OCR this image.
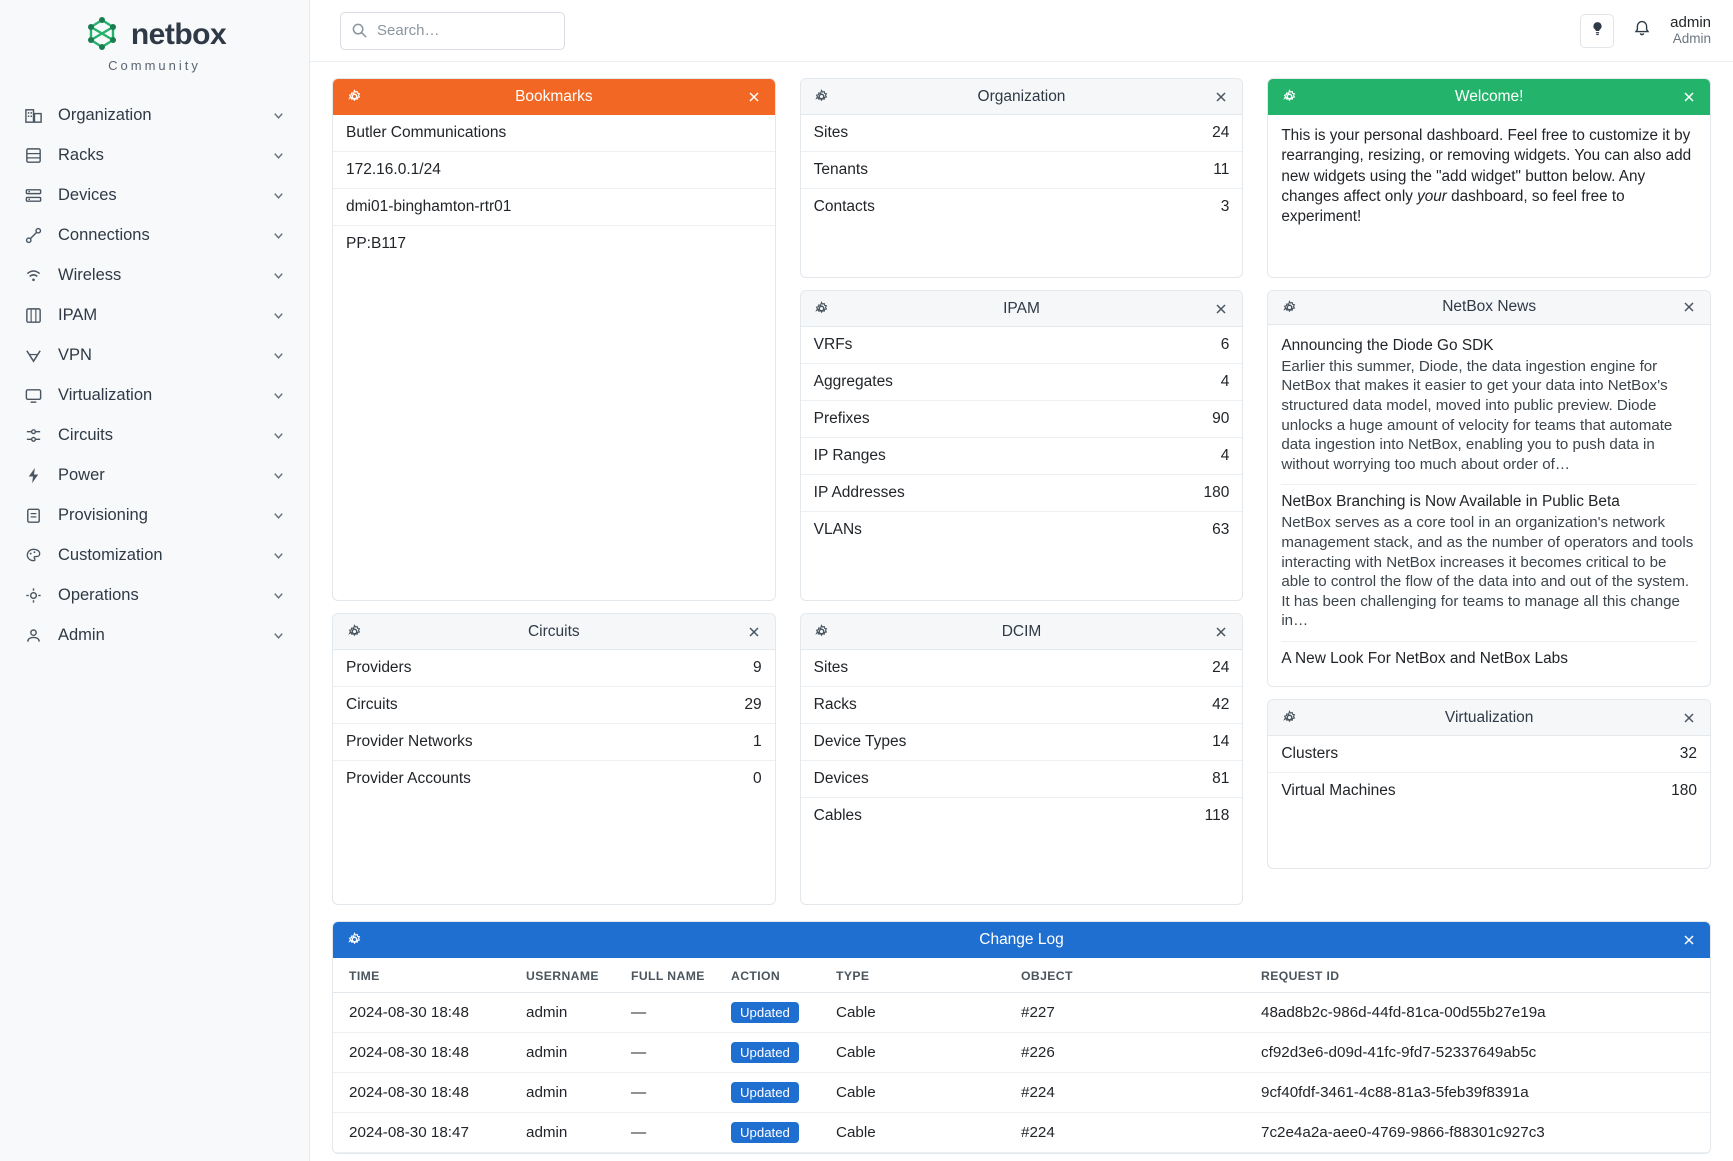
netbox
Community
Organization
Racks
Devices
Connections
Wireless
IPAM
VPN
Virtualization
Circuits
Power
Provisioning
Customization
Operations
Admin
Search…
admin
Admin
Bookmarks
Butler Communications
172.16.0.1/24
dmi01-binghamton-rtr01
PP:B117
Circuits
Providers	9
Circuits	29
Provider Networks	1
Provider Accounts	0
Organization
Sites	24
Tenants	11
Contacts	3
IPAM
VRFs	6
Aggregates	4
Prefixes	90
IP Ranges	4
IP Addresses	180
VLANs	63
DCIM
Sites	24
Racks	42
Device Types	14
Devices	81
Cables	118
Welcome!
This is your personal dashboard. Feel free to customize it by rearranging, resizing, or removing widgets. You can also add new widgets using the "add widget" button below. Any changes affect only your dashboard, so feel free to experiment!
NetBox News
Announcing the Diode Go SDK
Earlier this summer, Diode, the data ingestion engine for NetBox that makes it easier to get your data into NetBox's structured data model, moved into public preview. Diode unlocks a huge amount of velocity for teams that automate data ingestion into NetBox, enabling you to push data in without worrying too much about order of…
NetBox Branching is Now Available in Public Beta
NetBox serves as a core tool in an organization's network management stack, and as the number of operators and tools interacting with NetBox increases it becomes critical to be able to control the flow of the data into and out of the system. It has been challenging for teams to manage all this change in…
A New Look For NetBox and NetBox Labs
Virtualization
Clusters	32
Virtual Machines	180
Change Log
TIME	USERNAME	FULL NAME	ACTION	TYPE	OBJECT	REQUEST ID
2024-08-30 18:48	admin	—	Updated	Cable	#227	48ad8b2c-986d-44fd-81ca-00d55b27e19a
2024-08-30 18:48	admin	—	Updated	Cable	#226	cf92d3e6-d09d-41fc-9fd7-52337649ab5c
2024-08-30 18:48	admin	—	Updated	Cable	#224	9cf40fdf-3461-4c88-81a3-5feb39f8391a
2024-08-30 18:47	admin	—	Updated	Cable	#224	7c2e4a2a-aee0-4769-9866-f88301c927c3
